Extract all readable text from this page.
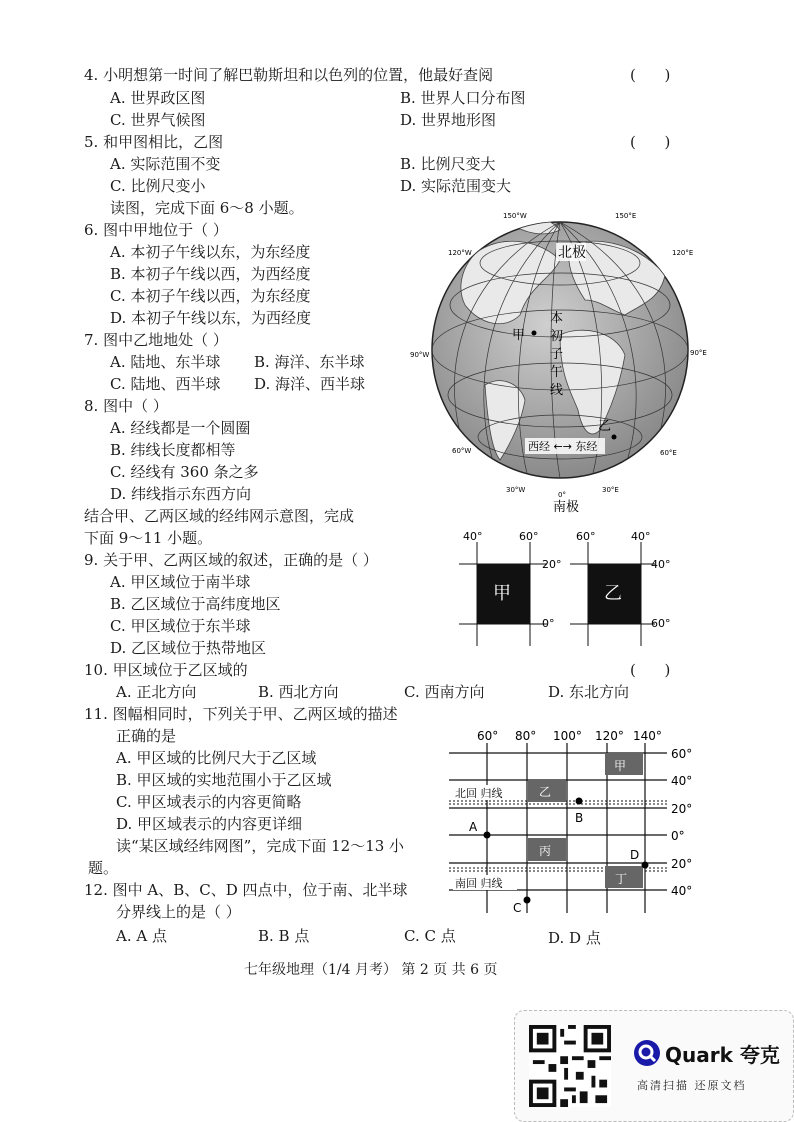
4. 小明想第一时间了解巴勒斯坦和以色列的位置，他最好查阅	(      )
A. 世界政区图	B. 世界人口分布图
C. 世界气候图	D. 世界地形图
5. 和甲图相比，乙图	(      )
A. 实际范围不变	B. 比例尺变大
C. 比例尺变小	D. 实际范围变大
读图，完成下面 6～8 小题。
6. 图中甲地位于（ ）
A. 本初子午线以东，为东经度
B. 本初子午线以西，为西经度
C. 本初子午线以西，为东经度
D. 本初子午线以东，为西经度
7. 图中乙地地处（ ）
A. 陆地、东半球 B. 海洋、东半球
C. 陆地、西半球 D. 海洋、西半球
8. 图中（ ）
A. 经线都是一个圆圈
B. 纬线长度都相等
C. 经线有 360 条之多
D. 纬线指示东西方向
结合甲、乙两区域的经纬网示意图，完成
下面 9～11 小题。
9. 关于甲、乙两区域的叙述，正确的是（ ）
A. 甲区域位于南半球
B. 乙区域位于高纬度地区
C. 甲区域位于东半球
D. 乙区域位于热带地区
10. 甲区域位于乙区域的	(      )
A. 正北方向	B. 西北方向	C. 西南方向	D. 东北方向
11. 图幅相同时，下列关于甲、乙两区域的描述
正确的是
A. 甲区域的比例尺大于乙区域
B. 甲区域的实地范围小于乙区域
C. 甲区域表示的内容更简略
D. 甲区域表示的内容更详细
读“某区域经纬网图”，完成下面 12～13 小
题。
12. 图中 A、B、C、D 四点中，位于南、北半球
分界线上的是（ ）
A. A 点	B. B 点	C. C 点	D. D 点
150°W	150°E
120°W	120°E
90°W	90°E
60°W	60°E
30°W
0°
30°E
北极
南极
本
初
子
午
线
甲
乙
西经 ←→ 东经
甲	乙
40°	60°
20°
0°
60°	40°
40°
60°
甲
乙
丙
丁
60° 80° 100° 120° 140°
60°
40°
20°
0°
20°
40°
北回 归线
南回 归线
A
B
C
D
七年级地理（1/4 月考） 第 2 页 共 6 页
Quark 夸克
高清扫描 还原文档
